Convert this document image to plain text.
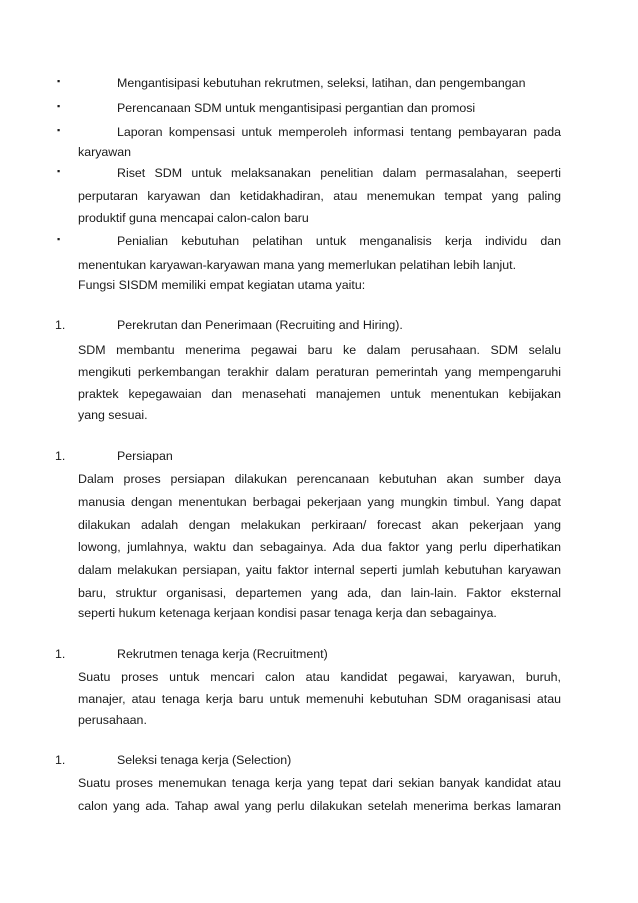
▪	Mengantisipasi kebutuhan rekrutmen, seleksi, latihan, dan pengembangan
▪	Perencanaan SDM untuk mengantisipasi pergantian dan promosi
▪	Laporan kompensasi untuk memperoleh informasi tentang pembayaran pada
karyawan
▪	Riset SDM untuk melaksanakan penelitian dalam permasalahan, seeperti
perputaran karyawan dan ketidakhadiran, atau menemukan tempat yang paling
produktif guna mencapai calon-calon baru
▪	Penialian kebutuhan pelatihan untuk menganalisis kerja individu dan
menentukan karyawan-karyawan mana yang memerlukan pelatihan lebih lanjut.
Fungsi SISDM memiliki empat kegiatan utama yaitu:
1.	Perekrutan dan Penerimaan (Recruiting and Hiring).
SDM membantu menerima pegawai baru ke dalam perusahaan. SDM selalu
mengikuti perkembangan terakhir dalam peraturan pemerintah yang mempengaruhi
praktek kepegawaian dan menasehati manajemen untuk menentukan kebijakan
yang sesuai.
1.	Persiapan
Dalam proses persiapan dilakukan perencanaan kebutuhan akan sumber daya
manusia dengan menentukan berbagai pekerjaan yang mungkin timbul. Yang dapat
dilakukan adalah dengan melakukan perkiraan/ forecast akan pekerjaan yang
lowong, jumlahnya, waktu dan sebagainya. Ada dua faktor yang perlu diperhatikan
dalam melakukan persiapan, yaitu faktor internal seperti jumlah kebutuhan karyawan
baru, struktur organisasi, departemen yang ada, dan lain-lain. Faktor eksternal
seperti hukum ketenaga kerjaan kondisi pasar tenaga kerja dan sebagainya.
1.	Rekrutmen tenaga kerja (Recruitment)
Suatu proses untuk mencari calon atau kandidat pegawai, karyawan, buruh,
manajer, atau tenaga kerja baru untuk memenuhi kebutuhan SDM oraganisasi atau
perusahaan.
1.	Seleksi tenaga kerja (Selection)
Suatu proses menemukan tenaga kerja yang tepat dari sekian banyak kandidat atau
calon yang ada. Tahap awal yang perlu dilakukan setelah menerima berkas lamaran
